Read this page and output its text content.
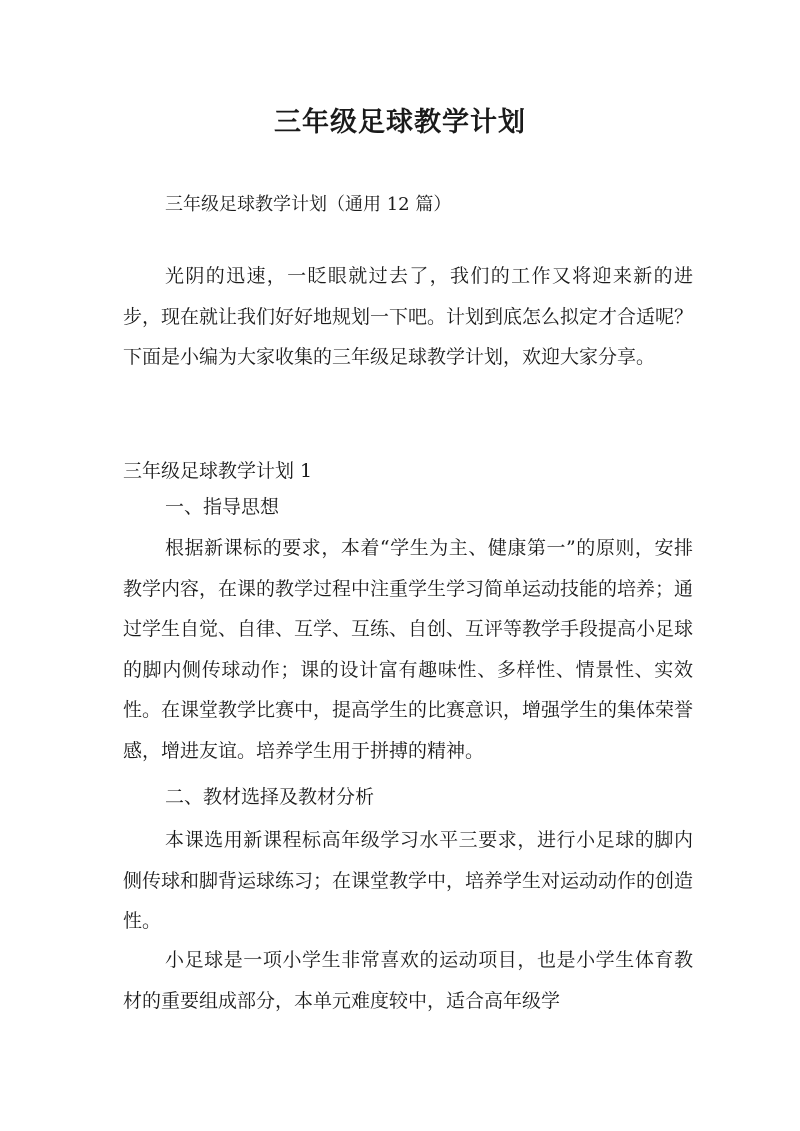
三年级足球教学计划

三年级足球教学计划（通用 12 篇）

光阴的迅速，一眨眼就过去了，我们的工作又将迎来新的进步，现在就让我们好好地规划一下吧。计划到底怎么拟定才合适呢？下面是小编为大家收集的三年级足球教学计划，欢迎大家分享。

三年级足球教学计划 1

一、指导思想

根据新课标的要求，本着“学生为主、健康第一”的原则，安排教学内容，在课的教学过程中注重学生学习简单运动技能的培养；通过学生自觉、自律、互学、互练、自创、互评等教学手段提高小足球的脚内侧传球动作；课的设计富有趣味性、多样性、情景性、实效性。在课堂教学比赛中，提高学生的比赛意识，增强学生的集体荣誉感，增进友谊。培养学生用于拼搏的精神。

二、教材选择及教材分析

本课选用新课程标高年级学习水平三要求，进行小足球的脚内侧传球和脚背运球练习；在课堂教学中，培养学生对运动动作的创造性。

小足球是一项小学生非常喜欢的运动项目，也是小学生体育教材的重要组成部分，本单元难度较中，适合高年级学
